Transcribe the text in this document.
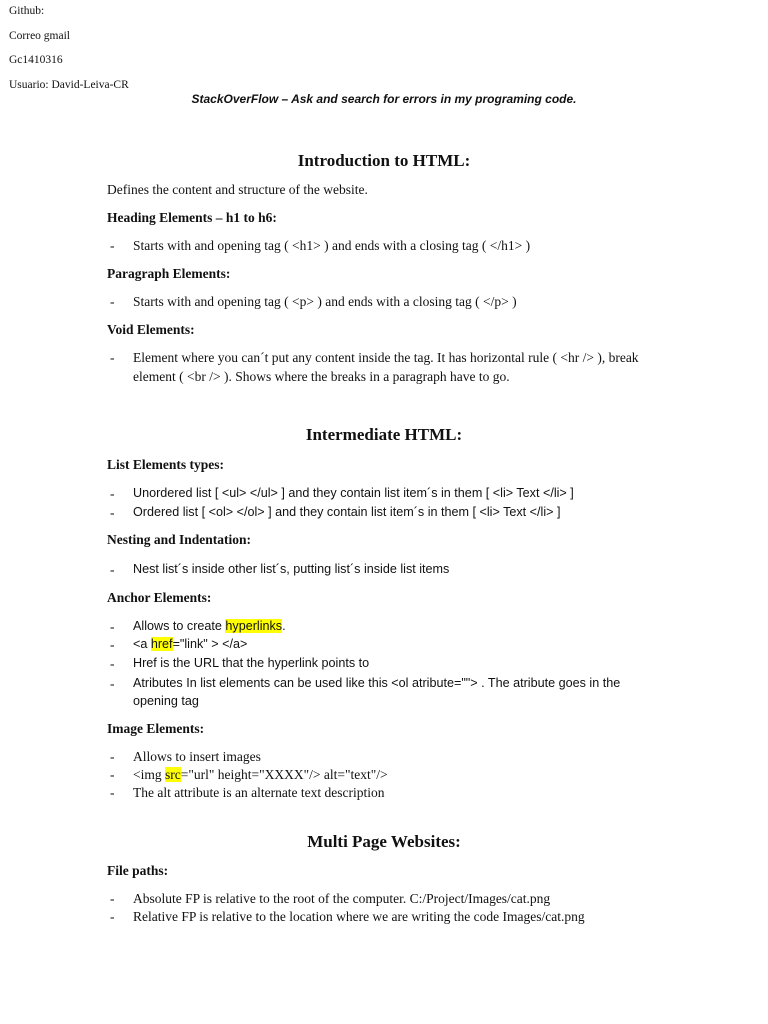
Github:
Correo gmail
Gc1410316
Usuario: David-Leiva-CR
StackOverFlow – Ask and search for errors in my programing code.
Introduction to HTML:
Defines the content and structure of the website.
Heading Elements – h1 to h6:
- Starts with and opening tag ( <h1> ) and ends with a closing tag ( </h1> )
Paragraph Elements:
- Starts with and opening tag ( <p> ) and ends with a closing tag ( </p> )
Void Elements:
- Element where you can´t put any content inside the tag. It has horizontal rule ( <hr /> ), break
element ( <br /> ). Shows where the breaks in a paragraph have to go.
Intermediate HTML:
List Elements types:
- Unordered list [ <ul> </ul> ] and they contain list item´s in them [ <li> Text </li> ]
- Ordered list [ <ol> </ol> ] and they contain list item´s in them [ <li> Text </li> ]
Nesting and Indentation:
- Nest list´s inside other list´s, putting list´s inside list items
Anchor Elements:
- Allows to create hyperlinks.
- <a href="link" > </a>
- Href is the URL that the hyperlink points to
- Atributes In list elements can be used like this <ol atribute=""> . The atribute goes in the
opening tag
Image Elements:
- Allows to insert images
- <img src="url" height="XXXX"/> alt="text"/>
- The alt attribute is an alternate text description
Multi Page Websites:
File paths:
- Absolute FP is relative to the root of the computer. C:/Project/Images/cat.png
- Relative FP is relative to the location where we are writing the code Images/cat.png
